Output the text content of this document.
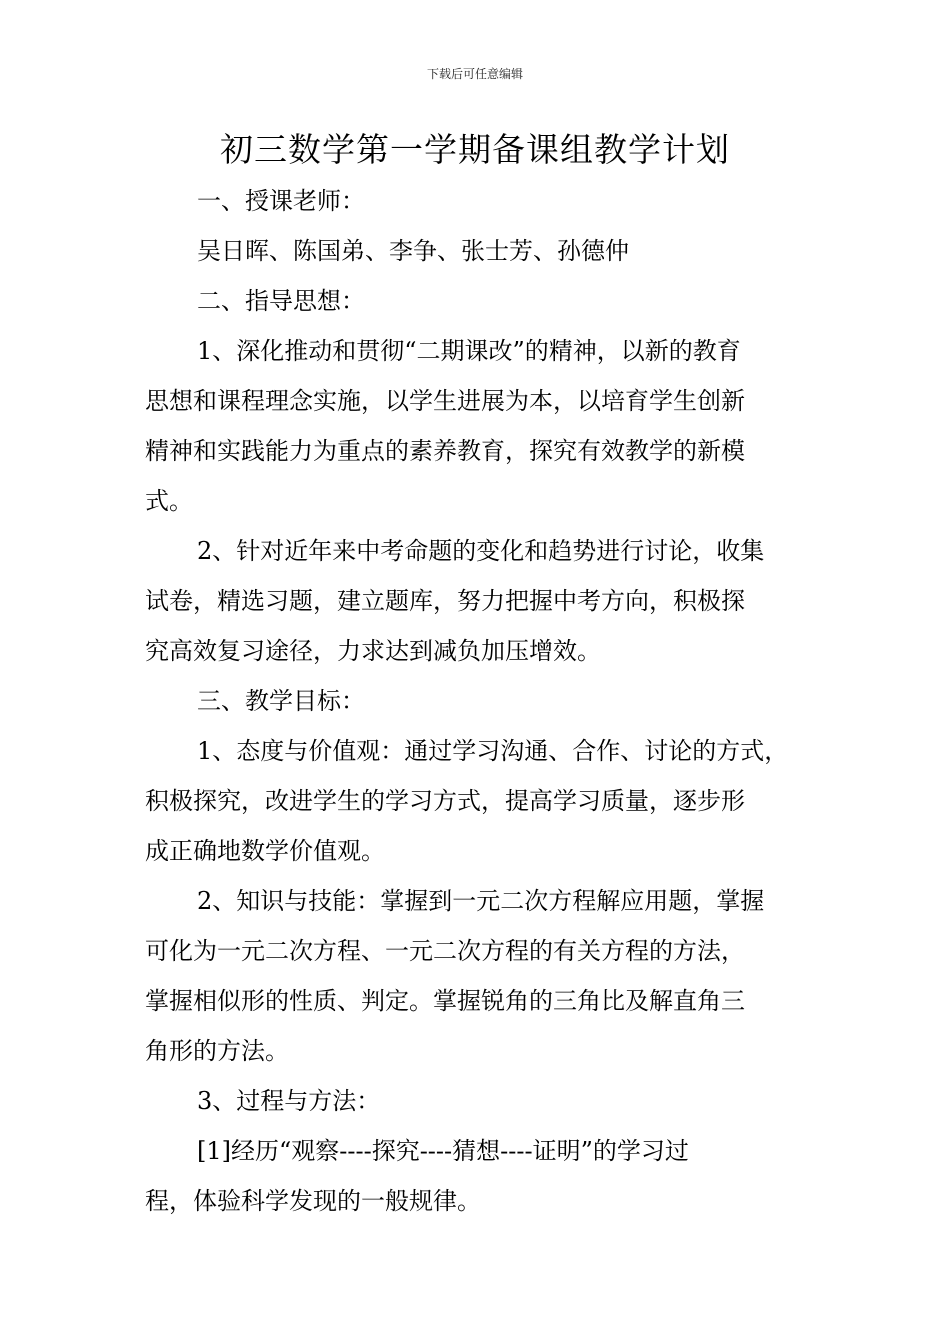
下载后可任意编辑
初三数学第一学期备课组教学计划
一、授课老师：
吴日晖、陈国弟、李争、张士芳、孙德仲
二、指导思想：
1、深化推动和贯彻“二期课改”的精神，以新的教育
思想和课程理念实施，以学生进展为本，以培育学生创新
精神和实践能力为重点的素养教育，探究有效教学的新模
式。
2、针对近年来中考命题的变化和趋势进行讨论，收集
试卷，精选习题，建立题库，努力把握中考方向，积极探
究高效复习途径，力求达到减负加压增效。
三、教学目标：
1、态度与价值观：通过学习沟通、合作、讨论的方式，
积极探究，改进学生的学习方式，提高学习质量，逐步形
成正确地数学价值观。
2、知识与技能：掌握到一元二次方程解应用题，掌握
可化为一元二次方程、一元二次方程的有关方程的方法，
掌握相似形的性质、判定。掌握锐角的三角比及解直角三
角形的方法。
3、过程与方法：
[1]经历“观察----探究----猜想----证明”的学习过
程，体验科学发现的一般规律。
